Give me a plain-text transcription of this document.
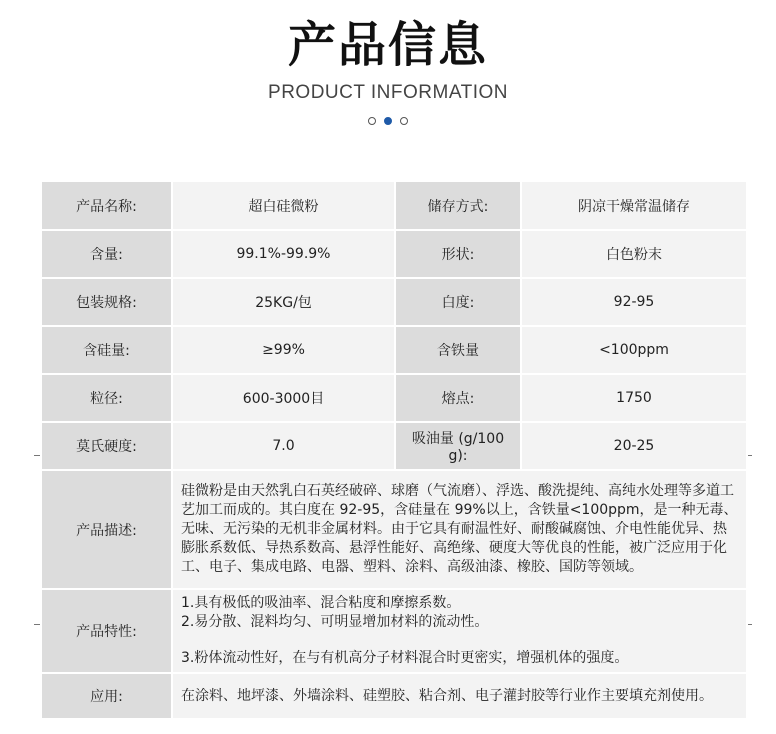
产品信息
PRODUCT INFORMATION
产品名称:	超白硅微粉	储存方式:	阴凉干燥常温储存
含量:	99.1%-99.9%	形状:	白色粉末
包装规格:	25KG/包	白度:	92-95
含硅量:	≥99%	含铁量	<100ppm
粒径:	600-3000目	熔点:	1750
莫氏硬度:	7.0	吸油量 (g/100 g):	20-25
产品描述:	硅微粉是由天然乳白石英经破碎、球磨（气流磨）、浮选、酸洗提纯、高纯水处理等多道工艺加工而成的。其白度在 92-95，含硅量在 99%以上，含铁量<100ppm，是一种无毒、无味、无污染的无机非金属材料。由于它具有耐温性好、耐酸碱腐蚀、介电性能优异、热膨胀系数低、导热系数高、悬浮性能好、高绝缘、硬度大等优良的性能，被广泛应用于化工、电子、集成电路、电器、塑料、涂料、高级油漆、橡胶、国防等领域。		
产品特性:	1.具有极低的吸油率、混合粘度和摩擦系数。
2.易分散、混料均匀、可明显增加材料的流动性。
3.粉体流动性好，在与有机高分子材料混合时更密实，增强机体的强度。		

应用:	在涂料、地坪漆、外墙涂料、硅塑胶、粘合剂、电子灌封胶等行业作主要填充剂使用。		
